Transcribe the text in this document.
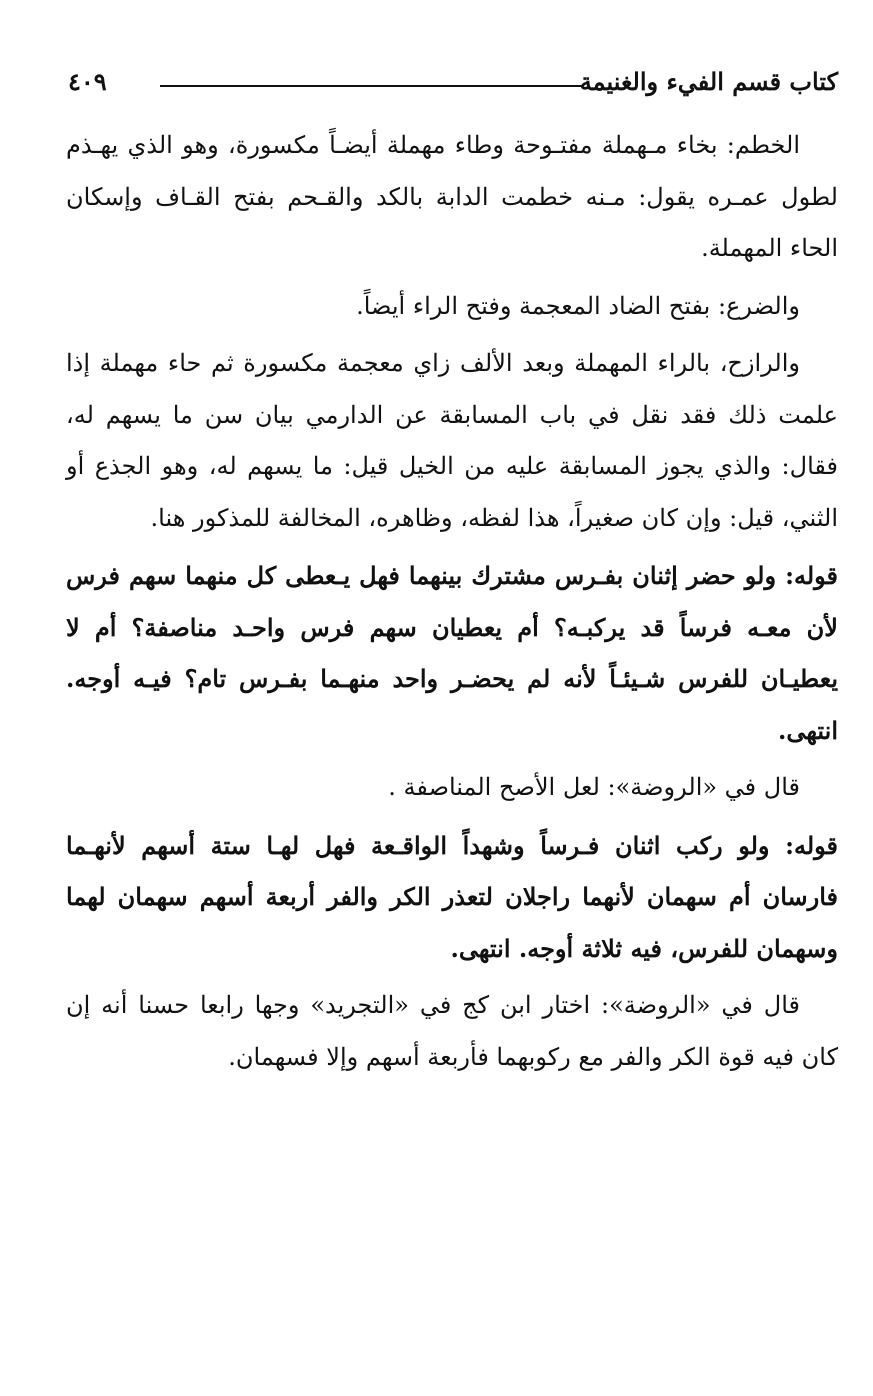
كتاب قسم الفيء والغنيمة
٤٠٩

الخطم: بخاء مـهملة مفتـوحة وطاء مهملة أيضـاً مكسورة، وهو الذي يهـذم لطول عمـره يقول: مـنه خطمت الدابة بالكد والقـحم بفتح القـاف وإسكان الحاء المهملة.

والضرع: بفتح الضاد المعجمة وفتح الراء أيضاً.

والرازح، بالراء المهملة وبعد الألف زاي معجمة مكسورة ثم حاء مهملة إذا علمت ذلك فقد نقل في باب المسابقة عن الدارمي بيان سن ما يسهم له، فقال: والذي يجوز المسابقة عليه من الخيل قيل: ما يسهم له، وهو الجذع أو الثني، قيل: وإن كان صغيراً، هذا لفظه، وظاهره، المخالفة للمذكور هنا.

قوله: ولو حضر إثنان بفـرس مشترك بينهما فهل يـعطى كل منهما سهم فرس لأن معـه فرساً قد يركبـه؟ أم يعطيان سهم فرس واحـد مناصفة؟ أم لا يعطيـان للفرس شـيئـاً لأنه لم يحضـر واحد منهـما بفـرس تام؟ فيـه أوجه. انتهى.

قال في «الروضة»: لعل الأصح المناصفة .

قوله: ولو ركب اثنان فـرساً وشهداً الواقـعة فهل لهـا ستة أسهم لأنهـما فارسان أم سهمان لأنهما راجلان لتعذر الكر والفر أربعة أسهم سهمان لهما وسهمان للفرس، فيه ثلاثة أوجه. انتهى.

قال في «الروضة»: اختار ابن كج في «التجريد» وجها رابعا حسنا أنه إن كان فيه قوة الكر والفر مع ركوبهما فأربعة أسهم وإلا فسهمان.
